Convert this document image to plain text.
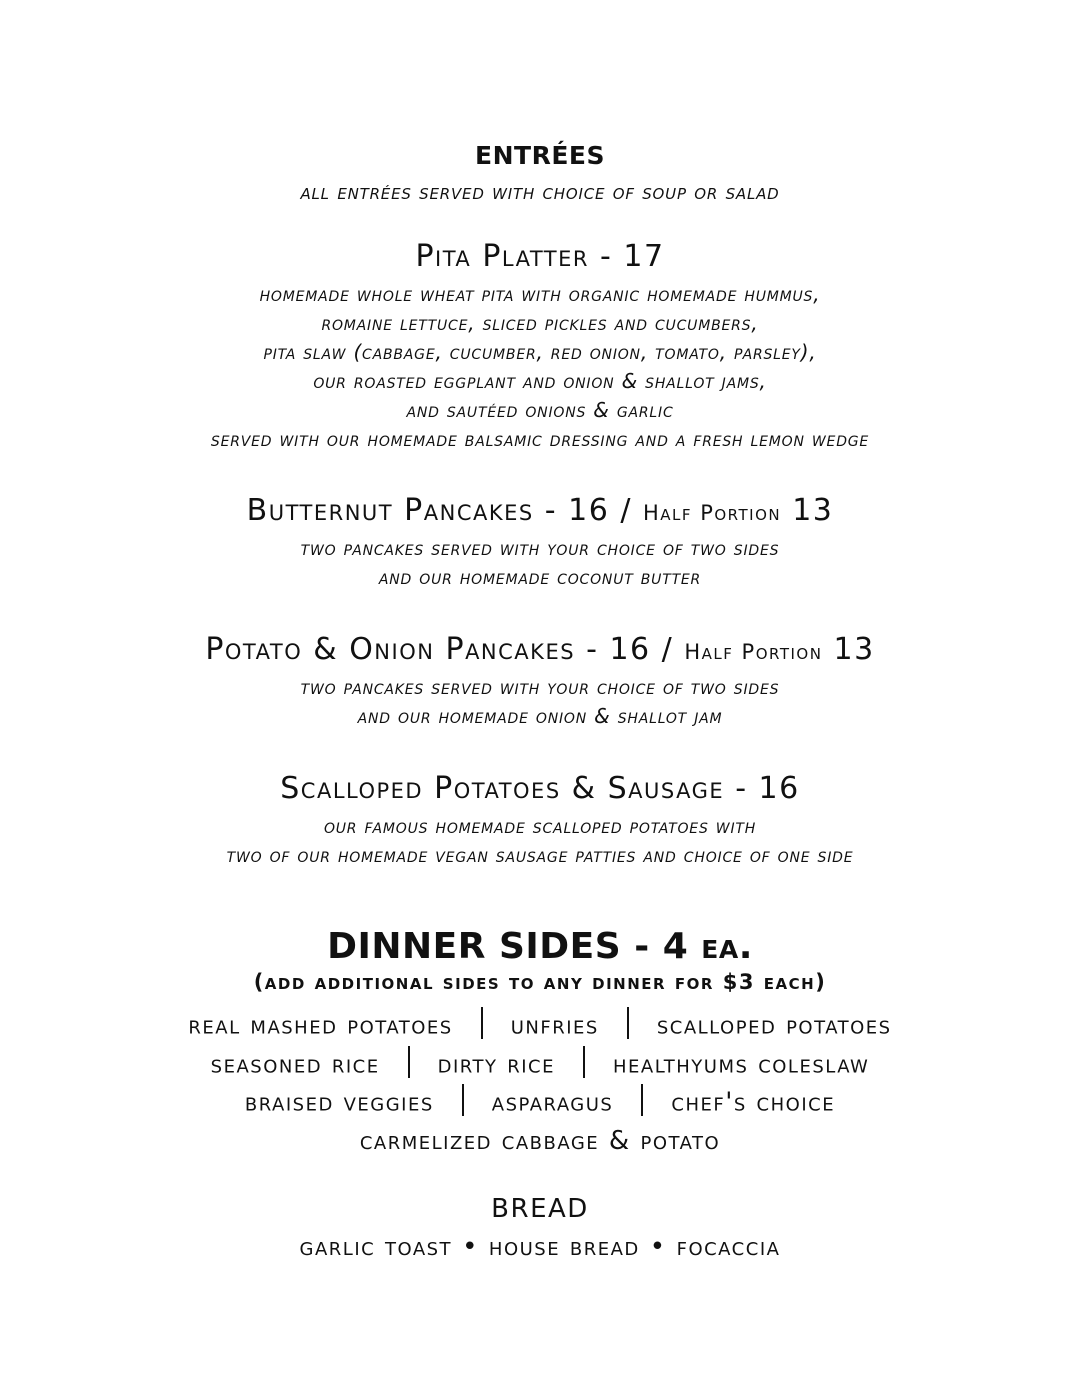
entrées
all entrées served with choice of soup or salad
Pita Platter - 17
homemade whole wheat pita with organic homemade hummus,
romaine lettuce, sliced pickles and cucumbers,
pita slaw (cabbage, cucumber, red onion, tomato, parsley),
our roasted eggplant and onion & shallot jams,
and sautéed onions & garlic
served with our homemade balsamic dressing and a fresh lemon wedge
Butternut Pancakes - 16 / Half Portion 13
two pancakes served with your choice of two sides
and our homemade coconut butter
Potato & Onion Pancakes - 16 / Half Portion 13
two pancakes served with your choice of two sides
and our homemade onion & shallot jam
Scalloped Potatoes & Sausage - 16
our famous homemade scalloped potatoes with
two of our homemade vegan sausage patties and choice of one side
DINNER SIDES - 4 ea.
(add additional sides to any dinner for $3 each)
real mashed potatoes unfries scalloped potatoes
seasoned rice dirty rice healthyums coleslaw
braised veggies asparagus chef's choice
carmelized cabbage & potato
BREAD
garlic toast • house bread • focaccia
